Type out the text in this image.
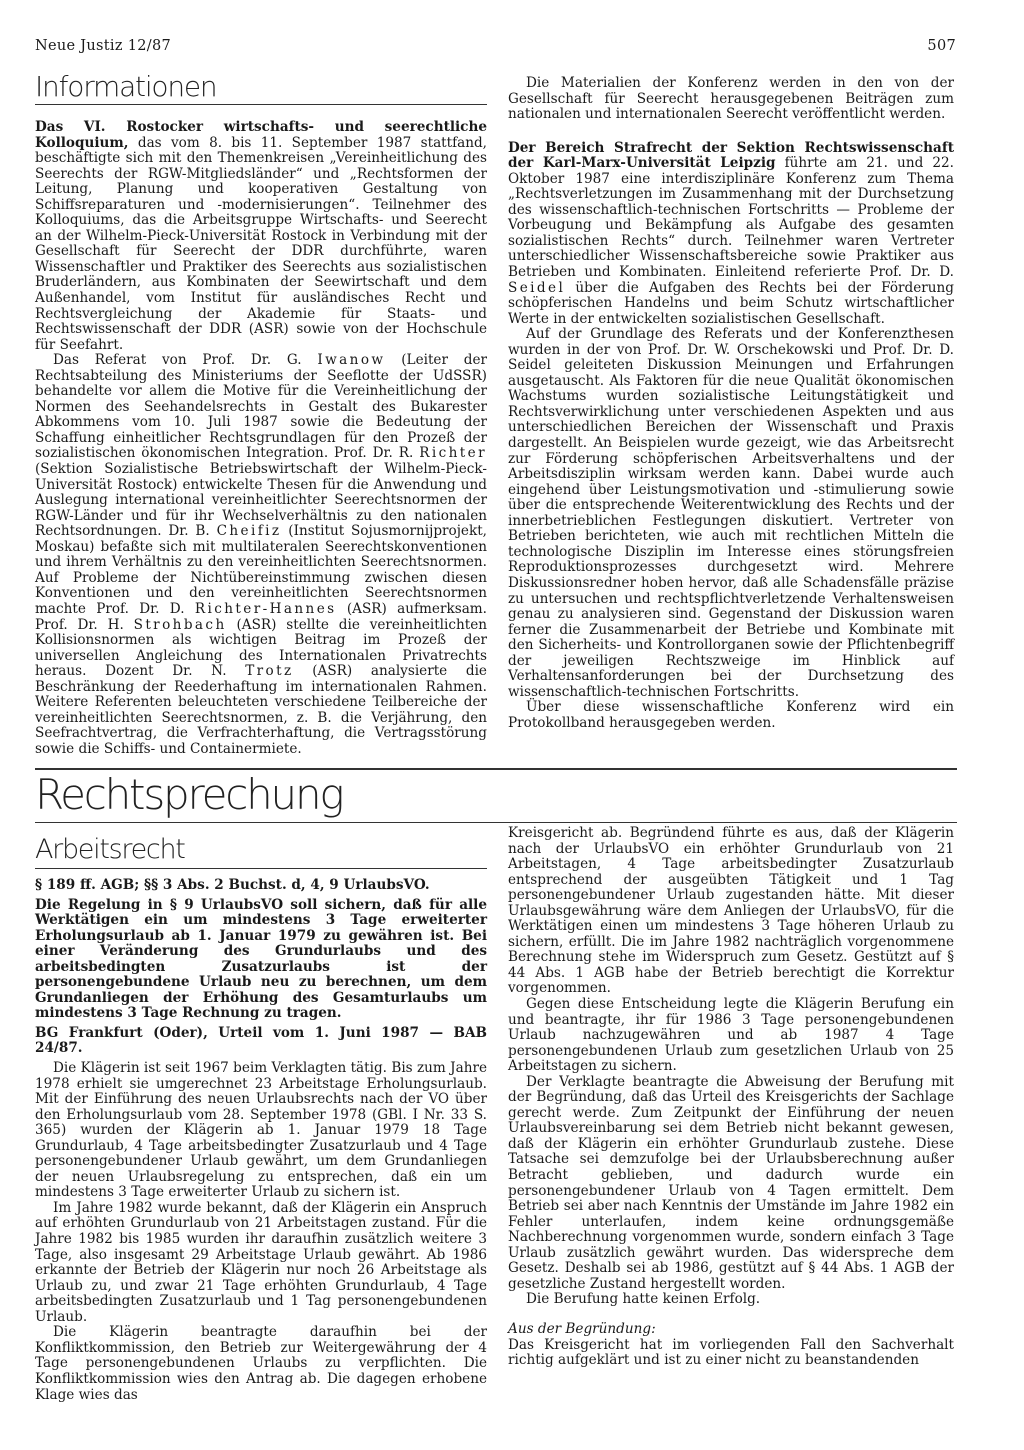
Neue Justiz 12/87	507
Informationen

Das VI. Rostocker wirtschafts- und seerechtliche Kolloquium, das vom 8. bis 11. September 1987 stattfand, beschäftigte sich mit den Themenkreisen „Vereinheitlichung des Seerechts der RGW-Mitgliedsländer“ und „Rechtsformen der Leitung, Planung und kooperativen Gestaltung von Schiffsreparaturen und -modernisierungen“. Teilnehmer des Kolloquiums, das die Arbeitsgruppe Wirtschafts- und Seerecht an der Wilhelm-Pieck-Universität Rostock in Verbindung mit der Gesellschaft für Seerecht der DDR durchführte, waren Wissenschaftler und Praktiker des Seerechts aus sozialistischen Bruderländern, aus Kombinaten der Seewirtschaft und dem Außenhandel, vom Institut für ausländisches Recht und Rechtsvergleichung der Akademie für Staats- und Rechtswissenschaft der DDR (ASR) sowie von der Hochschule für Seefahrt.

Das Referat von Prof. Dr. G. Iwanow (Leiter der Rechtsabteilung des Ministeriums der Seeflotte der UdSSR) behandelte vor allem die Motive für die Vereinheitlichung der Normen des Seehandelsrechts in Gestalt des Bukarester Abkommens vom 10. Juli 1987 sowie die Bedeutung der Schaffung einheitlicher Rechtsgrundlagen für den Prozeß der sozialistischen ökonomischen Integration. Prof. Dr. R. Richter (Sektion Sozialistische Betriebswirtschaft der Wilhelm-Pieck-Universität Rostock) entwickelte Thesen für die Anwendung und Auslegung international vereinheitlichter Seerechtsnormen der RGW-Länder und für ihr Wechselverhältnis zu den nationalen Rechtsordnungen. Dr. B. Cheifiz (Institut Sojusmornijprojekt, Moskau) befaßte sich mit multilateralen Seerechtskonventionen und ihrem Verhältnis zu den vereinheitlichten Seerechtsnormen. Auf Probleme der Nichtübereinstimmung zwischen diesen Konventionen und den vereinheitlichten Seerechtsnormen machte Prof. Dr. D. Richter-Hannes (ASR) aufmerksam. Prof. Dr. H. Strohbach (ASR) stellte die vereinheitlichten Kollisionsnormen als wichtigen Beitrag im Prozeß der universellen Angleichung des Internationalen Privatrechts heraus. Dozent Dr. N. Trotz (ASR) analysierte die Beschränkung der Reederhaftung im internationalen Rahmen. Weitere Referenten beleuchteten verschiedene Teilbereiche der vereinheitlichten Seerechtsnormen, z. B. die Verjährung, den Seefrachtvertrag, die Verfrachterhaftung, die Vertragsstörung sowie die Schiffs- und Containermiete.

Die Materialien der Konferenz werden in den von der Gesellschaft für Seerecht herausgegebenen Beiträgen zum nationalen und internationalen Seerecht veröffentlicht werden.

Der Bereich Strafrecht der Sektion Rechtswissenschaft der Karl-Marx-Universität Leipzig führte am 21. und 22. Oktober 1987 eine interdisziplinäre Konferenz zum Thema „Rechtsverletzungen im Zusammenhang mit der Durchsetzung des wissenschaftlich-technischen Fortschritts — Probleme der Vorbeugung und Bekämpfung als Aufgabe des gesamten sozialistischen Rechts“ durch. Teilnehmer waren Vertreter unterschiedlicher Wissenschaftsbereiche sowie Praktiker aus Betrieben und Kombinaten. Einleitend referierte Prof. Dr. D. Seidel über die Aufgaben des Rechts bei der Förderung schöpferischen Handelns und beim Schutz wirtschaftlicher Werte in der entwickelten sozialistischen Gesellschaft.

Auf der Grundlage des Referats und der Konferenzthesen wurden in der von Prof. Dr. W. Orschekowski und Prof. Dr. D. Seidel geleiteten Diskussion Meinungen und Erfahrungen ausgetauscht. Als Faktoren für die neue Qualität ökonomischen Wachstums wurden sozialistische Leitungstätigkeit und Rechtsverwirklichung unter verschiedenen Aspekten und aus unterschiedlichen Bereichen der Wissenschaft und Praxis dargestellt. An Beispielen wurde gezeigt, wie das Arbeitsrecht zur Förderung schöpferischen Arbeitsverhaltens und der Arbeitsdisziplin wirksam werden kann. Dabei wurde auch eingehend über Leistungsmotivation und -stimulierung sowie über die entsprechende Weiterentwicklung des Rechts und der innerbetrieblichen Festlegungen diskutiert. Vertreter von Betrieben berichteten, wie auch mit rechtlichen Mitteln die technologische Disziplin im Interesse eines störungsfreien Reproduktionsprozesses durchgesetzt wird. Mehrere Diskussionsredner hoben hervor, daß alle Schadensfälle präzise zu untersuchen und rechtspflichtverletzende Verhaltensweisen genau zu analysieren sind. Gegenstand der Diskussion waren ferner die Zusammenarbeit der Betriebe und Kombinate mit den Sicherheits- und Kontrollorganen sowie der Pflichtenbegriff der jeweiligen Rechtszweige im Hinblick auf Verhaltensanforderungen bei der Durchsetzung des wissenschaftlich-technischen Fortschritts.

Über diese wissenschaftliche Konferenz wird ein Protokollband herausgegeben werden.

Rechtsprechung
Arbeitsrecht

§ 189 ff. AGB; §§ 3 Abs. 2 Buchst. d, 4, 9 UrlaubsVO.

Die Regelung in § 9 UrlaubsVO soll sichern, daß für alle Werktätigen ein um mindestens 3 Tage erweiterter Erholungsurlaub ab 1. Januar 1979 zu gewähren ist. Bei einer Veränderung des Grundurlaubs und des arbeitsbedingten Zusatzurlaubs ist der personengebundene Urlaub neu zu berechnen, um dem Grundanliegen der Erhöhung des Gesamturlaubs um mindestens 3 Tage Rechnung zu tragen.

BG Frankfurt (Oder), Urteil vom 1. Juni 1987 — BAB 24/87.

Die Klägerin ist seit 1967 beim Verklagten tätig. Bis zum Jahre 1978 erhielt sie umgerechnet 23 Arbeitstage Erholungsurlaub. Mit der Einführung des neuen Urlaubsrechts nach der VO über den Erholungsurlaub vom 28. September 1978 (GBl. I Nr. 33 S. 365) wurden der Klägerin ab 1. Januar 1979 18 Tage Grundurlaub, 4 Tage arbeitsbedingter Zusatzurlaub und 4 Tage personengebundener Urlaub gewährt, um dem Grundanliegen der neuen Urlaubsregelung zu entsprechen, daß ein um mindestens 3 Tage erweiterter Urlaub zu sichern ist.

Im Jahre 1982 wurde bekannt, daß der Klägerin ein Anspruch auf erhöhten Grundurlaub von 21 Arbeitstagen zustand. Für die Jahre 1982 bis 1985 wurden ihr daraufhin zusätzlich weitere 3 Tage, also insgesamt 29 Arbeitstage Urlaub gewährt. Ab 1986 erkannte der Betrieb der Klägerin nur noch 26 Arbeitstage als Urlaub zu, und zwar 21 Tage erhöhten Grundurlaub, 4 Tage arbeitsbedingten Zusatzurlaub und 1 Tag personengebundenen Urlaub.

Die Klägerin beantragte daraufhin bei der Konfliktkommission, den Betrieb zur Weitergewährung der 4 Tage personengebundenen Urlaubs zu verpflichten. Die Konfliktkommission wies den Antrag ab. Die dagegen erhobene Klage wies das

Kreisgericht ab. Begründend führte es aus, daß der Klägerin nach der UrlaubsVO ein erhöhter Grundurlaub von 21 Arbeitstagen, 4 Tage arbeitsbedingter Zusatzurlaub entsprechend der ausgeübten Tätigkeit und 1 Tag personengebundener Urlaub zugestanden hätte. Mit dieser Urlaubsgewährung wäre dem Anliegen der UrlaubsVO, für die Werktätigen einen um mindestens 3 Tage höheren Urlaub zu sichern, erfüllt. Die im Jahre 1982 nachträglich vorgenommene Berechnung stehe im Widerspruch zum Gesetz. Gestützt auf § 44 Abs. 1 AGB habe der Betrieb berechtigt die Korrektur vorgenommen.

Gegen diese Entscheidung legte die Klägerin Berufung ein und beantragte, ihr für 1986 3 Tage personengebundenen Urlaub nachzugewähren und ab 1987 4 Tage personengebundenen Urlaub zum gesetzlichen Urlaub von 25 Arbeitstagen zu sichern.

Der Verklagte beantragte die Abweisung der Berufung mit der Begründung, daß das Urteil des Kreisgerichts der Sachlage gerecht werde. Zum Zeitpunkt der Einführung der neuen Urlaubsvereinbarung sei dem Betrieb nicht bekannt gewesen, daß der Klägerin ein erhöhter Grundurlaub zustehe. Diese Tatsache sei demzufolge bei der Urlaubsberechnung außer Betracht geblieben, und dadurch wurde ein personengebundener Urlaub von 4 Tagen ermittelt. Dem Betrieb sei aber nach Kenntnis der Umstände im Jahre 1982 ein Fehler unterlaufen, indem keine ordnungsgemäße Nachberechnung vorgenommen wurde, sondern einfach 3 Tage Urlaub zusätzlich gewährt wurden. Das widerspreche dem Gesetz. Deshalb sei ab 1986, gestützt auf § 44 Abs. 1 AGB der gesetzliche Zustand hergestellt worden.

Die Berufung hatte keinen Erfolg.

Aus der Begründung:

Das Kreisgericht hat im vorliegenden Fall den Sachverhalt richtig aufgeklärt und ist zu einer nicht zu beanstandenden
